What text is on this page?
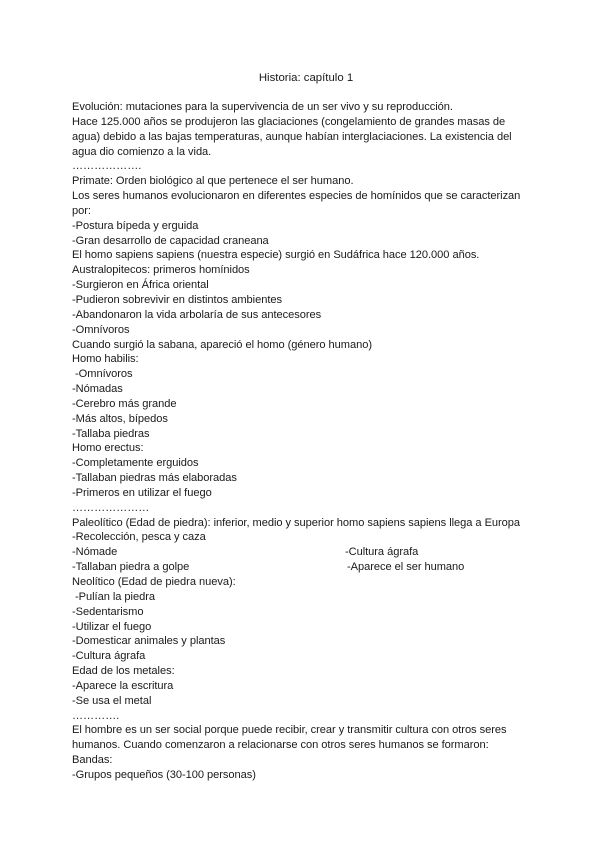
Historia: capítulo 1
Evolución: mutaciones para la supervivencia de un ser vivo y su reproducción.
Hace 125.000 años se produjeron las glaciaciones (congelamiento de grandes masas de
agua) debido a las bajas temperaturas, aunque habían interglaciaciones. La existencia del
agua dio comienzo a la vida.
……………….
Primate: Orden biológico al que pertenece el ser humano.
Los seres humanos evolucionaron en diferentes especies de homínidos que se caracterizan
por:
-Postura bípeda y erguida
-Gran desarrollo de capacidad craneana
El homo sapiens sapiens (nuestra especie) surgió en Sudáfrica hace 120.000 años.
Australopitecos: primeros homínidos
-Surgieron en África oriental
-Pudieron sobrevivir en distintos ambientes
-Abandonaron la vida arbolaría de sus antecesores
-Omnívoros
Cuando surgió la sabana, apareció el homo (género humano)
Homo habilis:
-Omnívoros
-Nómadas
-Cerebro más grande
-Más altos, bípedos
-Tallaba piedras
Homo erectus:
-Completamente erguidos
-Tallaban piedras más elaboradas
-Primeros en utilizar el fuego
…………………
Paleolítico (Edad de piedra): inferior, medio y superior homo sapiens sapiens llega a Europa
-Recolección, pesca y caza
-Nómade	-Cultura ágrafa
-Tallaban piedra a golpe	-Aparece el ser humano
Neolítico (Edad de piedra nueva):
-Pulían la piedra
-Sedentarismo
-Utilizar el fuego
-Domesticar animales y plantas
-Cultura ágrafa
Edad de los metales:
-Aparece la escritura
-Se usa el metal
………….
El hombre es un ser social porque puede recibir, crear y transmitir cultura con otros seres
humanos. Cuando comenzaron a relacionarse con otros seres humanos se formaron:
Bandas:
-Grupos pequeños (30-100 personas)
